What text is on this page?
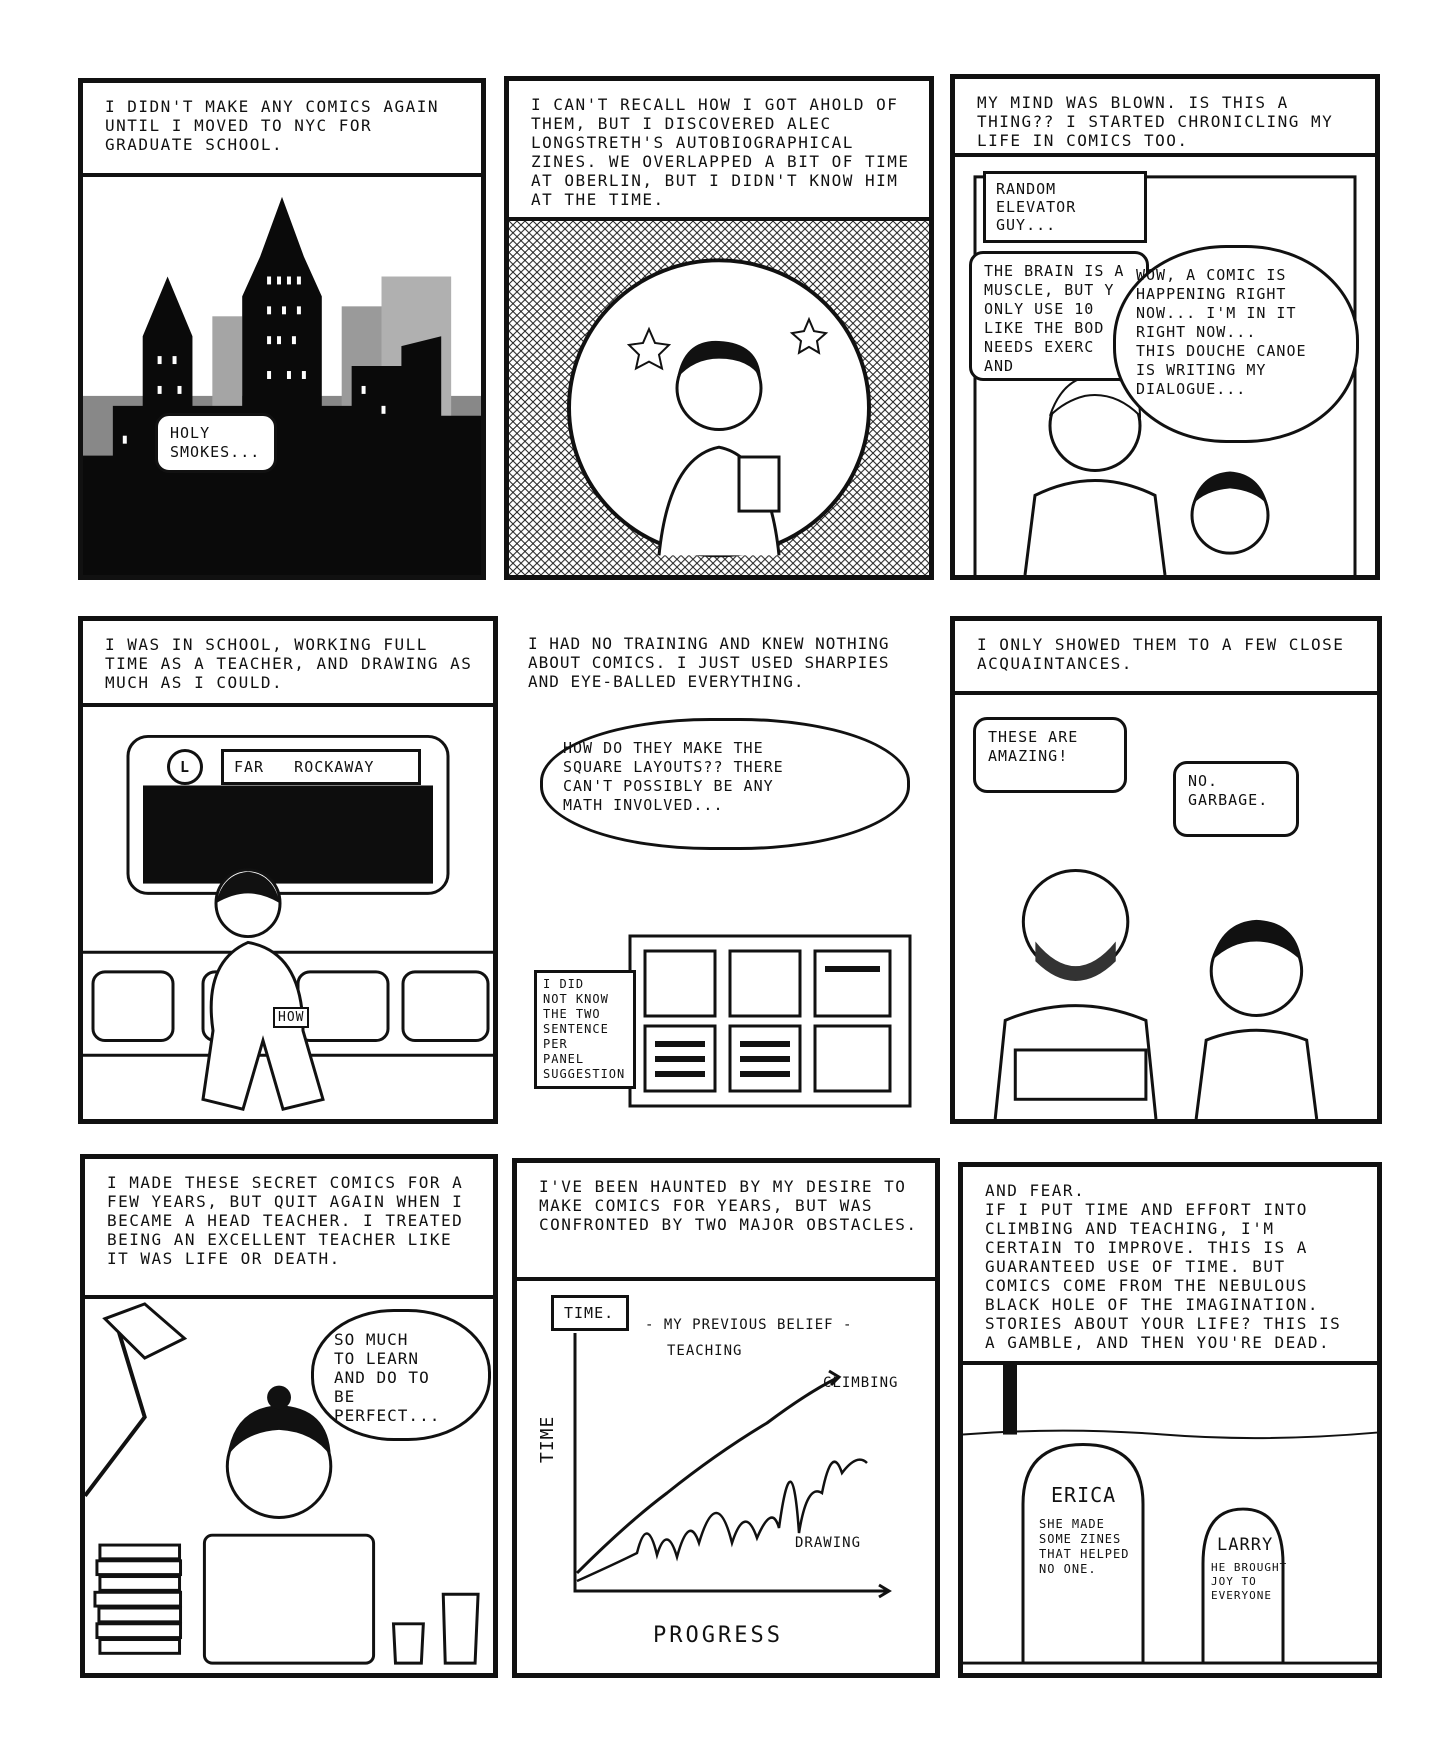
I DIDN'T MAKE ANY COMICS AGAIN UNTIL I MOVED TO NYC FOR GRADUATE SCHOOL.
HOLY
SMOKES...
I CAN'T RECALL HOW I GOT AHOLD OF THEM, BUT I DISCOVERED ALEC LONGSTRETH'S AUTOBIOGRAPHICAL ZINES. WE OVERLAPPED A BIT OF TIME AT OBERLIN, BUT I DIDN'T KNOW HIM AT THE TIME.
MY MIND WAS BLOWN. IS THIS A THING?? I STARTED CHRONICLING MY LIFE IN COMICS TOO.
RANDOM ELEVATOR
GUY...
THE BRAIN IS A
MUSCLE, BUT Y
ONLY USE 10
LIKE THE BOD
NEEDS EXERC
AND
WOW, A COMIC IS
HAPPENING RIGHT
NOW... I'M IN IT
RIGHT NOW...
THIS DOUCHE CANOE
IS WRITING MY
DIALOGUE...
I WAS IN SCHOOL, WORKING FULL TIME AS A TEACHER, AND DRAWING AS MUCH AS I COULD.
L	FAR   ROCKAWAY
HOW
I HAD NO TRAINING AND KNEW NOTHING ABOUT COMICS. I JUST USED SHARPIES AND EYE-BALLED EVERYTHING.
HOW DO THEY MAKE THE
SQUARE LAYOUTS?? THERE
CAN'T POSSIBLY BE ANY
MATH INVOLVED...
I DID
NOT KNOW
THE TWO
SENTENCE
PER
PANEL
SUGGESTION
I ONLY SHOWED THEM TO A FEW CLOSE ACQUAINTANCES.
THESE ARE
AMAZING!
NO.
GARBAGE.
I MADE THESE SECRET COMICS FOR A FEW YEARS, BUT QUIT AGAIN WHEN I BECAME A HEAD TEACHER. I TREATED BEING AN EXCELLENT TEACHER LIKE IT WAS LIFE OR DEATH.
SO MUCH
TO LEARN
AND DO TO
BE PERFECT...
I'VE BEEN HAUNTED BY MY DESIRE TO MAKE COMICS FOR YEARS, BUT WAS CONFRONTED BY TWO MAJOR OBSTACLES.
TIME.
- MY PREVIOUS BELIEF -
TEACHING
CLIMBING
DRAWING
TIME
PROGRESS
AND FEAR.
IF I PUT TIME AND EFFORT INTO CLIMBING AND TEACHING, I'M CERTAIN TO IMPROVE. THIS IS A GUARANTEED USE OF TIME. BUT COMICS COME FROM THE NEBULOUS BLACK HOLE OF THE IMAGINATION. STORIES ABOUT YOUR LIFE? THIS IS A GAMBLE, AND THEN YOU'RE DEAD.
ERICA
SHE MADE
SOME ZINES
THAT HELPED
NO ONE.
LARRY
HE BROUGHT
JOY TO
EVERYONE
